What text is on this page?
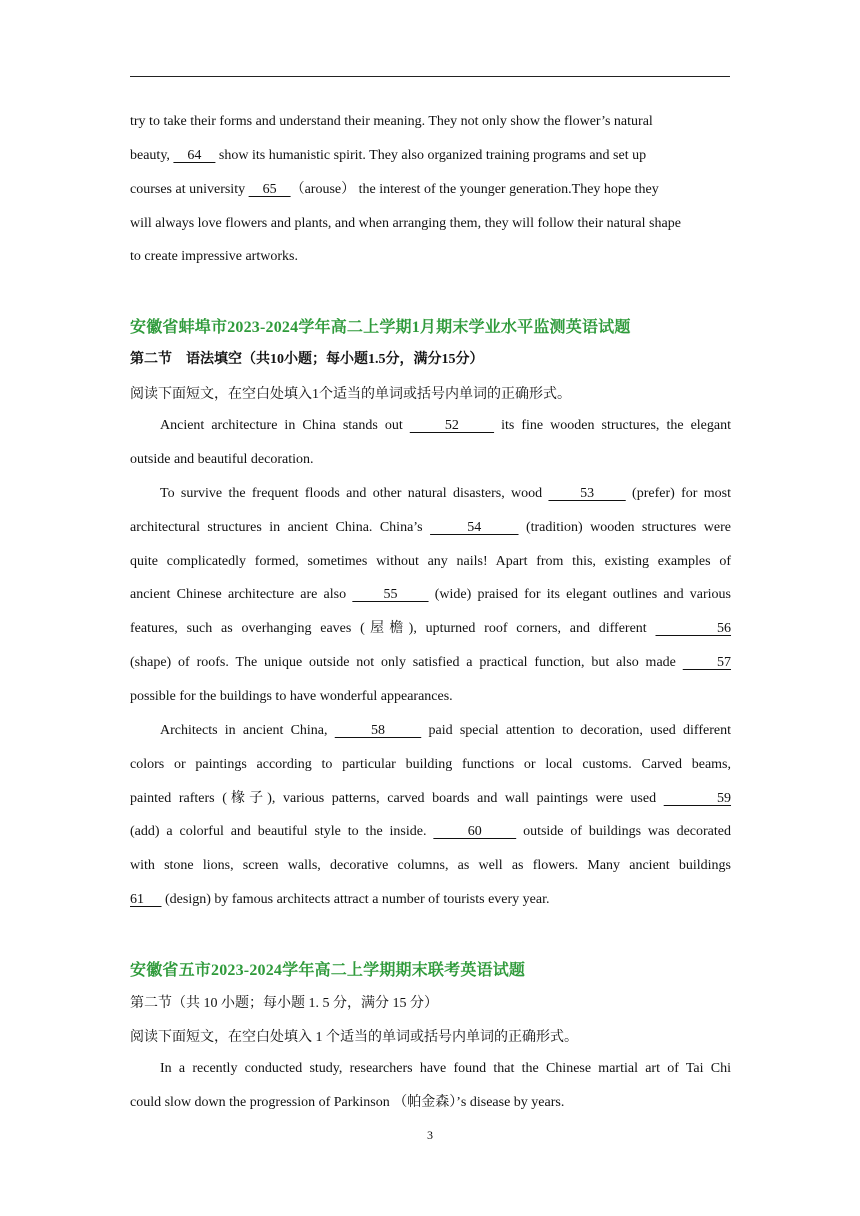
try to take their forms and understand their meaning. They not only show the flower’s natural
beauty,     64     show its humanistic spirit. They also organized training programs and set up
courses at university     65    （arouse） the interest of the younger generation.They hope they
will always love flowers and plants, and when arranging them, they will follow their natural shape
to create impressive artworks.
安徽省蚌埠市2023-2024学年高二上学期1月期末学业水平监测英语试题
第二节　语法填空（共10小题；每小题1.5分，满分15分）
阅读下面短文，在空白处填入1个适当的单词或括号内单词的正确形式。
Ancient architecture in China stands out      52      its fine wooden structures, the elegant
outside and beautiful decoration.
To survive the frequent floods and other natural disasters, wood      53      (prefer) for most
architectural structures in ancient China. China’s      54      (tradition) wooden structures were
quite complicatedly formed, sometimes without any nails! Apart from this, existing examples of
ancient Chinese architecture are also      55      (wide) praised for its elegant outlines and various
features, such as overhanging eaves (屋檐), upturned roof corners, and different        56
(shape) of roofs. The unique outside not only satisfied a practical function, but also made      57
possible for the buildings to have wonderful appearances.
Architects in ancient China,      58      paid special attention to decoration, used different
colors or paintings according to particular building functions or local customs. Carved beams,
painted rafters (椽子), various patterns, carved boards and wall paintings were used        59
(add) a colorful and beautiful style to the inside.      60      outside of buildings was decorated
with stone lions, screen walls, decorative columns, as well as flowers. Many ancient buildings
61      (design) by famous architects attract a number of tourists every year.
安徽省五市2023-2024学年高二上学期期末联考英语试题
第二节（共 10 小题；每小题 1. 5 分，满分 15 分）
阅读下面短文，在空白处填入 1 个适当的单词或括号内单词的正确形式。
In a recently conducted study, researchers have found that the Chinese martial art of Tai Chi
could slow down the progression of Parkinson （帕金森）’s disease by years.
3
